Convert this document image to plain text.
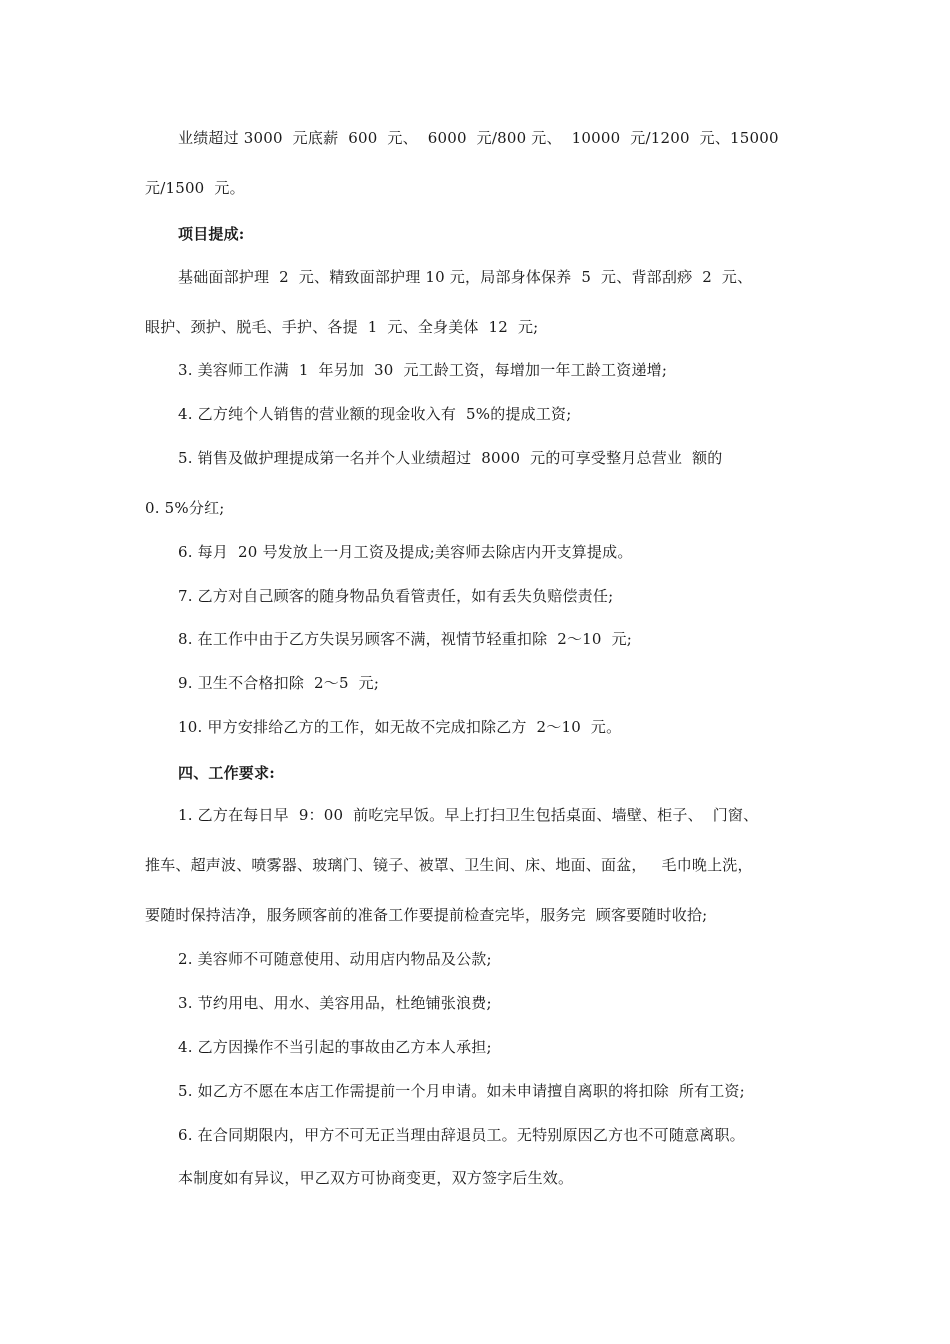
业绩超过 3000  元底薪  600  元、  6000  元/800 元、  10000  元/1200  元、15000
元/1500  元。
项目提成:
基础面部护理  2  元、精致面部护理 10 元，局部身体保养  5  元、背部刮痧  2  元、
眼护、颈护、脱毛、手护、各提  1  元、全身美体  12  元;
3. 美容师工作满  1  年另加  30  元工龄工资，每增加一年工龄工资递增;
4. 乙方纯个人销售的营业额的现金收入有  5%的提成工资;
5. 销售及做护理提成第一名并个人业绩超过  8000  元的可享受整月总营业  额的
0. 5%分红;
6. 每月  20 号发放上一月工资及提成;美容师去除店内开支算提成。
7. 乙方对自己顾客的随身物品负看管责任，如有丢失负赔偿责任;
8. 在工作中由于乙方失误另顾客不满，视情节轻重扣除  2～10  元;
9. 卫生不合格扣除  2～5  元;
10. 甲方安排给乙方的工作，如无故不完成扣除乙方  2～10  元。
四、工作要求:
1. 乙方在每日早  9：00  前吃完早饭。早上打扫卫生包括桌面、墙壁、柜子、  门窗、
推车、超声波、喷雾器、玻璃门、镜子、被罩、卫生间、床、地面、面盆，   毛巾晚上洗，
要随时保持洁净，服务顾客前的准备工作要提前检查完毕，服务完  顾客要随时收拾;
2. 美容师不可随意使用、动用店内物品及公款;
3. 节约用电、用水、美容用品，杜绝铺张浪费;
4. 乙方因操作不当引起的事故由乙方本人承担;
5. 如乙方不愿在本店工作需提前一个月申请。如未申请擅自离职的将扣除  所有工资;
6. 在合同期限内，甲方不可无正当理由辞退员工。无特别原因乙方也不可随意离职。
本制度如有异议，甲乙双方可协商变更，双方签字后生效。
